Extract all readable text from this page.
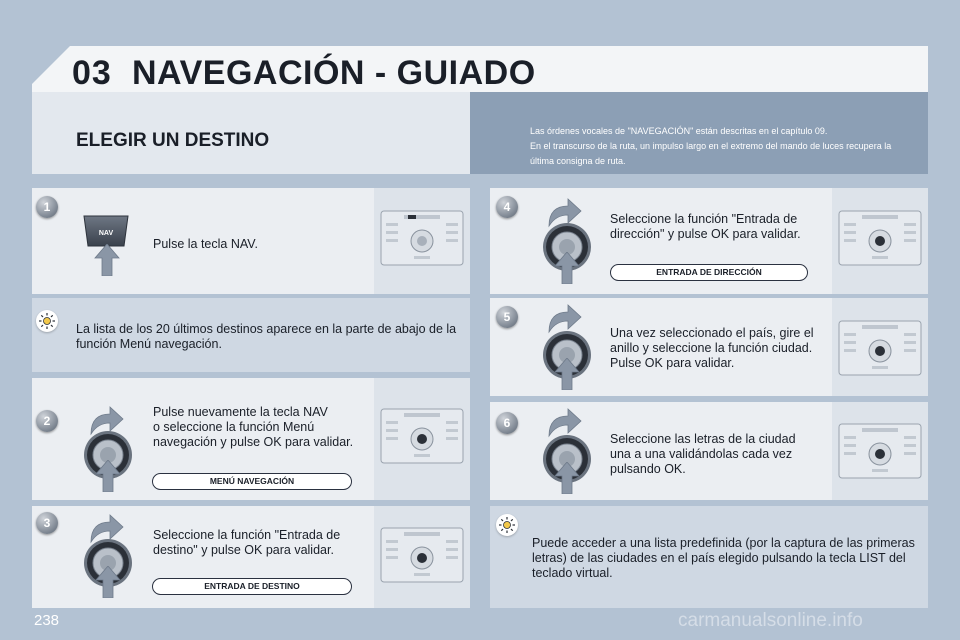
03 NAVEGACIÓN - GUIADO
ELEGIR UN DESTINO	Las órdenes vocales de "NAVEGACIÓN" están descritas en el capítulo 09.
En el transcurso de la ruta, un impulso largo en el extremo del mando de luces recupera la
última consigna de ruta.
1
NAV
Pulse la tecla NAV.
La lista de los 20 últimos destinos aparece en la parte de abajo de la
función Menú navegación.
2
Pulse nuevamente la tecla NAV
o seleccione la función Menú
navegación y pulse OK para validar.
MENÚ NAVEGACIÓN
3
Seleccione la función "Entrada de
destino" y pulse OK para validar.
ENTRADA DE DESTINO
4
Seleccione la función "Entrada de
dirección" y pulse OK para validar.
ENTRADA DE DIRECCIÓN
5
Una vez seleccionado el país, gire el
anillo y seleccione la función ciudad.
Pulse OK para validar.
6
Seleccione las letras de la ciudad
una a una validándolas cada vez
pulsando OK.
Puede acceder a una lista predefinida (por la captura de las primeras
letras) de las ciudades en el país elegido pulsando la tecla LIST del
teclado virtual.
238	carmanualsonline.info
